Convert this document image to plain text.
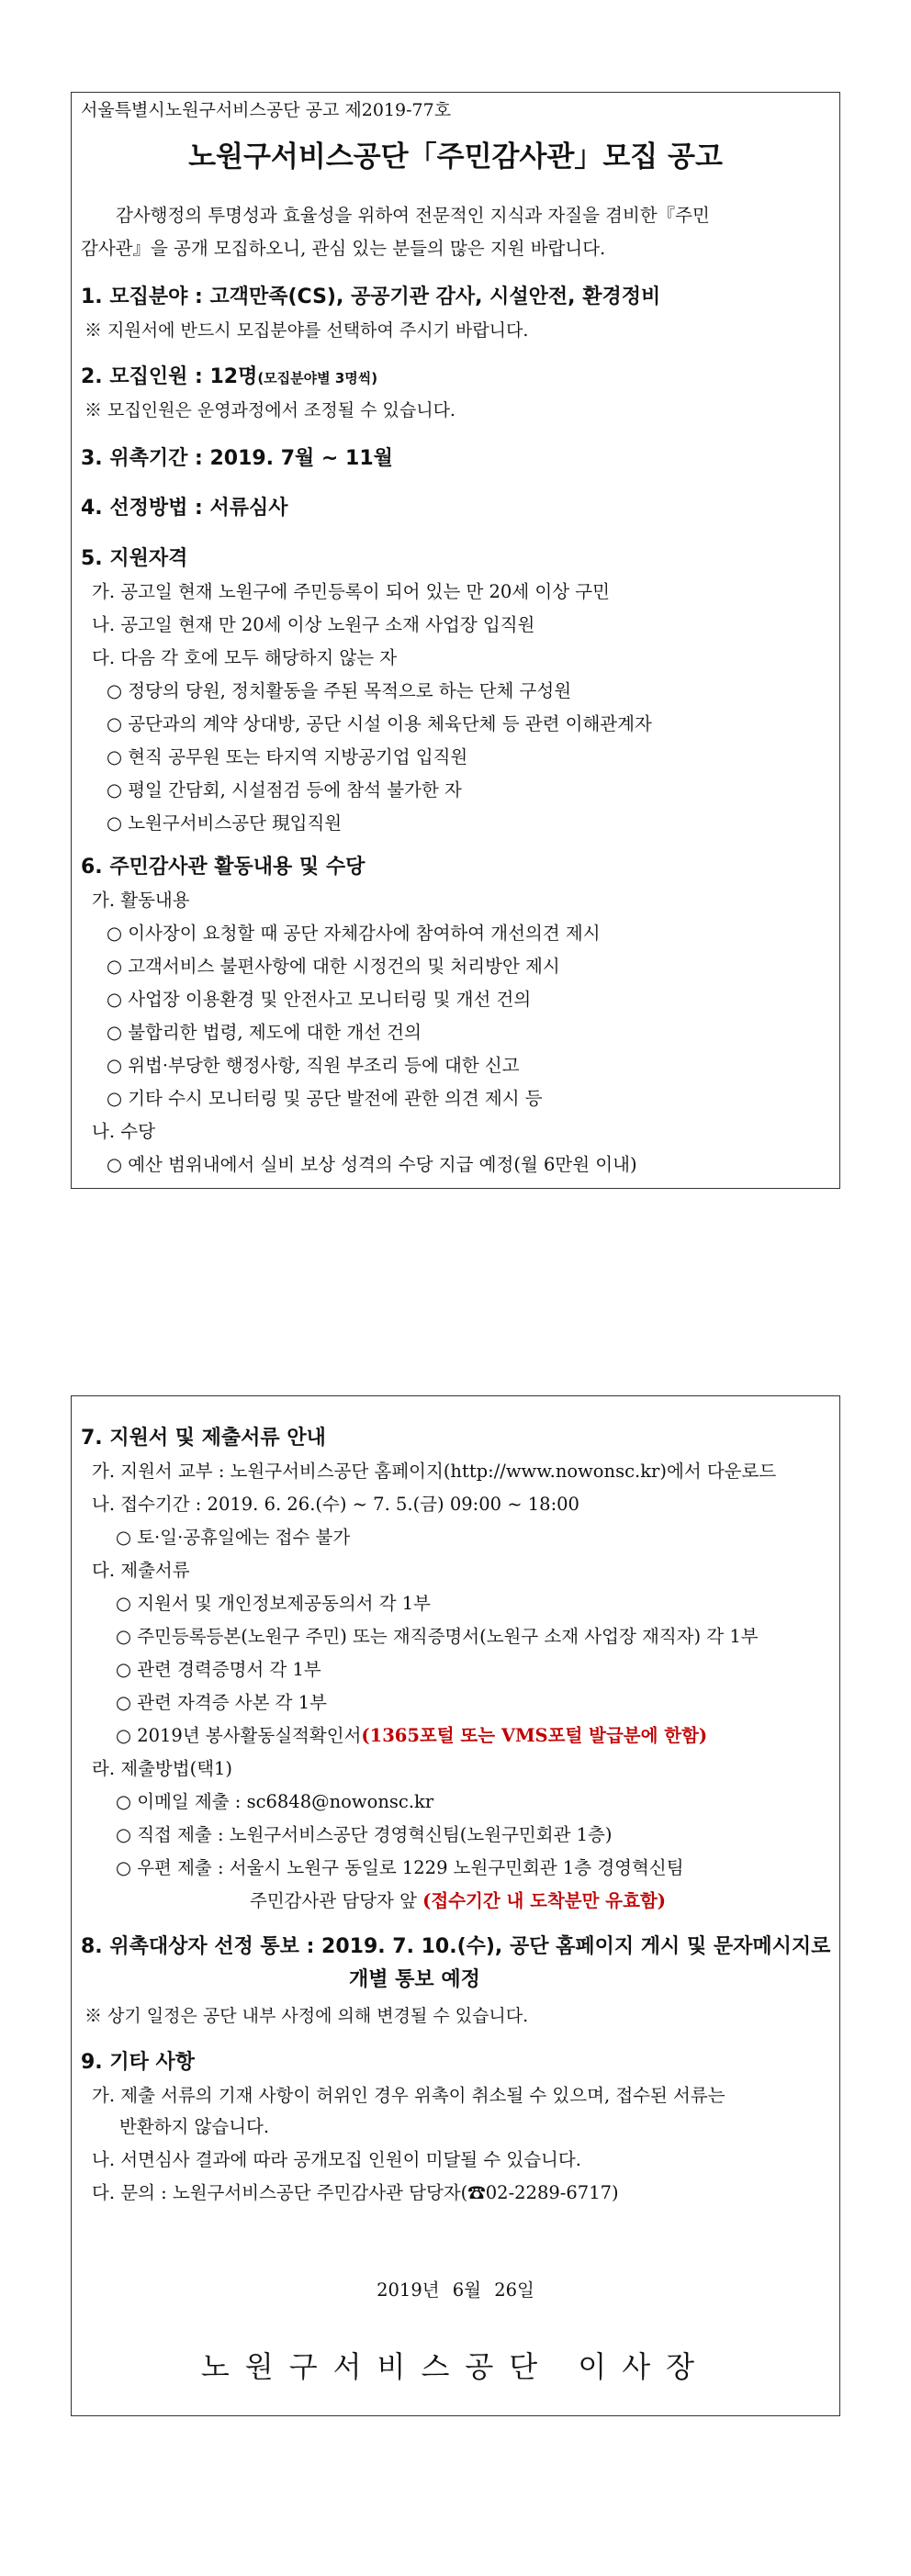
서울특별시노원구서비스공단 공고 제2019-77호
노원구서비스공단「주민감사관」모집 공고
감사행정의 투명성과 효율성을 위하여 전문적인 지식과 자질을 겸비한『주민
감사관』을 공개 모집하오니, 관심 있는 분들의 많은 지원 바랍니다.
1. 모집분야 : 고객만족(CS), 공공기관 감사, 시설안전, 환경정비
※ 지원서에 반드시 모집분야를 선택하여 주시기 바랍니다.
2. 모집인원 : 12명(모집분야별 3명씩)
※ 모집인원은 운영과정에서 조정될 수 있습니다.
3. 위촉기간 : 2019. 7월 ~ 11월
4. 선정방법 : 서류심사
5. 지원자격
가. 공고일 현재 노원구에 주민등록이 되어 있는 만 20세 이상 구민
나. 공고일 현재 만 20세 이상 노원구 소재 사업장 입직원
다. 다음 각 호에 모두 해당하지 않는 자
○ 정당의 당원, 정치활동을 주된 목적으로 하는 단체 구성원
○ 공단과의 계약 상대방, 공단 시설 이용 체육단체 등 관련 이해관계자
○ 현직 공무원 또는 타지역 지방공기업 입직원
○ 평일 간담회, 시설점검 등에 참석 불가한 자
○ 노원구서비스공단 現입직원
6. 주민감사관 활동내용 및 수당
가. 활동내용
○ 이사장이 요청할 때 공단 자체감사에 참여하여 개선의견 제시
○ 고객서비스 불편사항에 대한 시정건의 및 처리방안 제시
○ 사업장 이용환경 및 안전사고 모니터링 및 개선 건의
○ 불합리한 법령, 제도에 대한 개선 건의
○ 위법·부당한 행정사항, 직원 부조리 등에 대한 신고
○ 기타 수시 모니터링 및 공단 발전에 관한 의견 제시 등
나. 수당
○ 예산 범위내에서 실비 보상 성격의 수당 지급 예정(월 6만원 이내)
7. 지원서 및 제출서류 안내
가. 지원서 교부 : 노원구서비스공단 홈페이지(http://www.nowonsc.kr)에서 다운로드
나. 접수기간 : 2019. 6. 26.(수) ~ 7. 5.(금) 09:00 ~ 18:00
○ 토·일·공휴일에는 접수 불가
다. 제출서류
○ 지원서 및 개인정보제공동의서 각 1부
○ 주민등록등본(노원구 주민) 또는 재직증명서(노원구 소재 사업장 재직자) 각 1부
○ 관련 경력증명서 각 1부
○ 관련 자격증 사본 각 1부
○ 2019년 봉사활동실적확인서(1365포털 또는 VMS포털 발급분에 한함)
라. 제출방법(택1)
○ 이메일 제출 : sc6848@nowonsc.kr
○ 직접 제출 : 노원구서비스공단 경영혁신팀(노원구민회관 1층)
○ 우편 제출 : 서울시 노원구 동일로 1229 노원구민회관 1층 경영혁신팀
주민감사관 담당자 앞 (접수기간 내 도착분만 유효함)
8. 위촉대상자 선정 통보 : 2019. 7. 10.(수), 공단 홈페이지 게시 및 문자메시지로
개별 통보 예정
※ 상기 일정은 공단 내부 사정에 의해 변경될 수 있습니다.
9. 기타 사항
가. 제출 서류의 기재 사항이 허위인 경우 위촉이 취소될 수 있으며, 접수된 서류는
반환하지 않습니다.
나. 서면심사 결과에 따라 공개모집 인원이 미달될 수 있습니다.
다. 문의 : 노원구서비스공단 주민감사관 담당자(☎02-2289-6717)
2019년 6월 26일
노원구서비스공단 이사장
